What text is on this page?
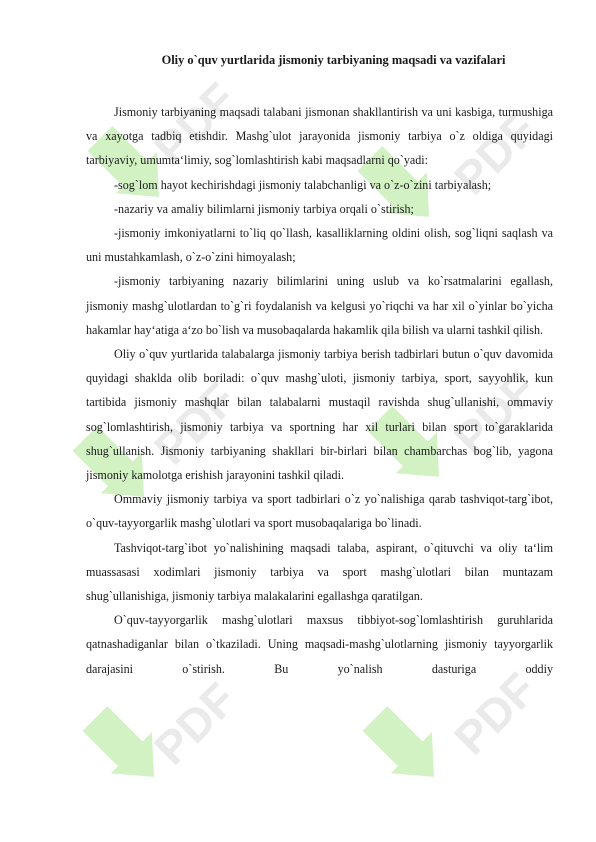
PDF	PDF
PDF	PDF
PDF	PDF
Oliy o`quv yurtlarida jismoniy tarbiyaning maqsadi va vazifalari

Jismoniy tarbiyaning maqsadi talabani jismonan shakllantirish va uni kasbiga, turmushiga va xayotga tadbiq etishdir. Mashg`ulot jarayonida jismoniy tarbiya o`z oldiga quyidagi tarbiyaviy, umumta‘limiy, sog`lomlashtirish kabi maqsadlarni qo`yadi:

-sog`lom hayot kechirishdagi jismoniy talabchanligi va o`z-o`zini tarbiyalash;

-nazariy va amaliy bilimlarni jismoniy tarbiya orqali o`stirish;

-jismoniy imkoniyatlarni to`liq qo`llash, kasalliklarning oldini olish, sog`liqni saqlash va uni mustahkamlash, o`z-o`zini himoyalash;

-jismoniy tarbiyaning nazariy bilimlarini uning uslub va ko`rsatmalarini egallash, jismoniy mashg`ulotlardan to`g`ri foydalanish va kelgusi yo`riqchi va har xil o`yinlar bo`yicha hakamlar hay‘atiga a‘zo bo`lish va musobaqalarda hakamlik qila bilish va ularni tashkil qilish.

Oliy o`quv yurtlarida talabalarga jismoniy tarbiya berish tadbirlari butun o`quv davomida quyidagi shaklda olib boriladi: o`quv mashg`uloti, jismoniy tarbiya, sport, sayyohlik, kun tartibida jismoniy mashqlar bilan talabalarni mustaqil ravishda shug`ullanishi, ommaviy sog`lomlashtirish, jismoniy tarbiya va sportning har xil turlari bilan sport to`garaklarida shug`ullanish. Jismoniy tarbiyaning shakllari bir-birlari bilan chambarchas bog`lib, yagona jismoniy kamolotga erishish jarayonini tashkil qiladi.

Ommaviy jismoniy tarbiya va sport tadbirlari o`z yo`nalishiga qarab tashviqot-targ`ibot, o`quv-tayyorgarlik mashg`ulotlari va sport musobaqalariga bo`linadi.

Tashviqot-targ`ibot yo`nalishining maqsadi talaba, aspirant, o`qituvchi va oliy ta‘lim muassasasi xodimlari jismoniy tarbiya va sport mashg`ulotlari bilan muntazam shug`ullanishiga, jismoniy tarbiya malakalarini egallashga qaratilgan.

O`quv-tayyorgarlik mashg`ulotlari maxsus tibbiyot-sog`lomlashtirish guruhlarida qatnashadiganlar bilan o`tkaziladi. Uning maqsadi-mashg`ulotlarning jismoniy tayyorgarlik darajasini o`stirish. Bu yo`nalish dasturiga oddiy
